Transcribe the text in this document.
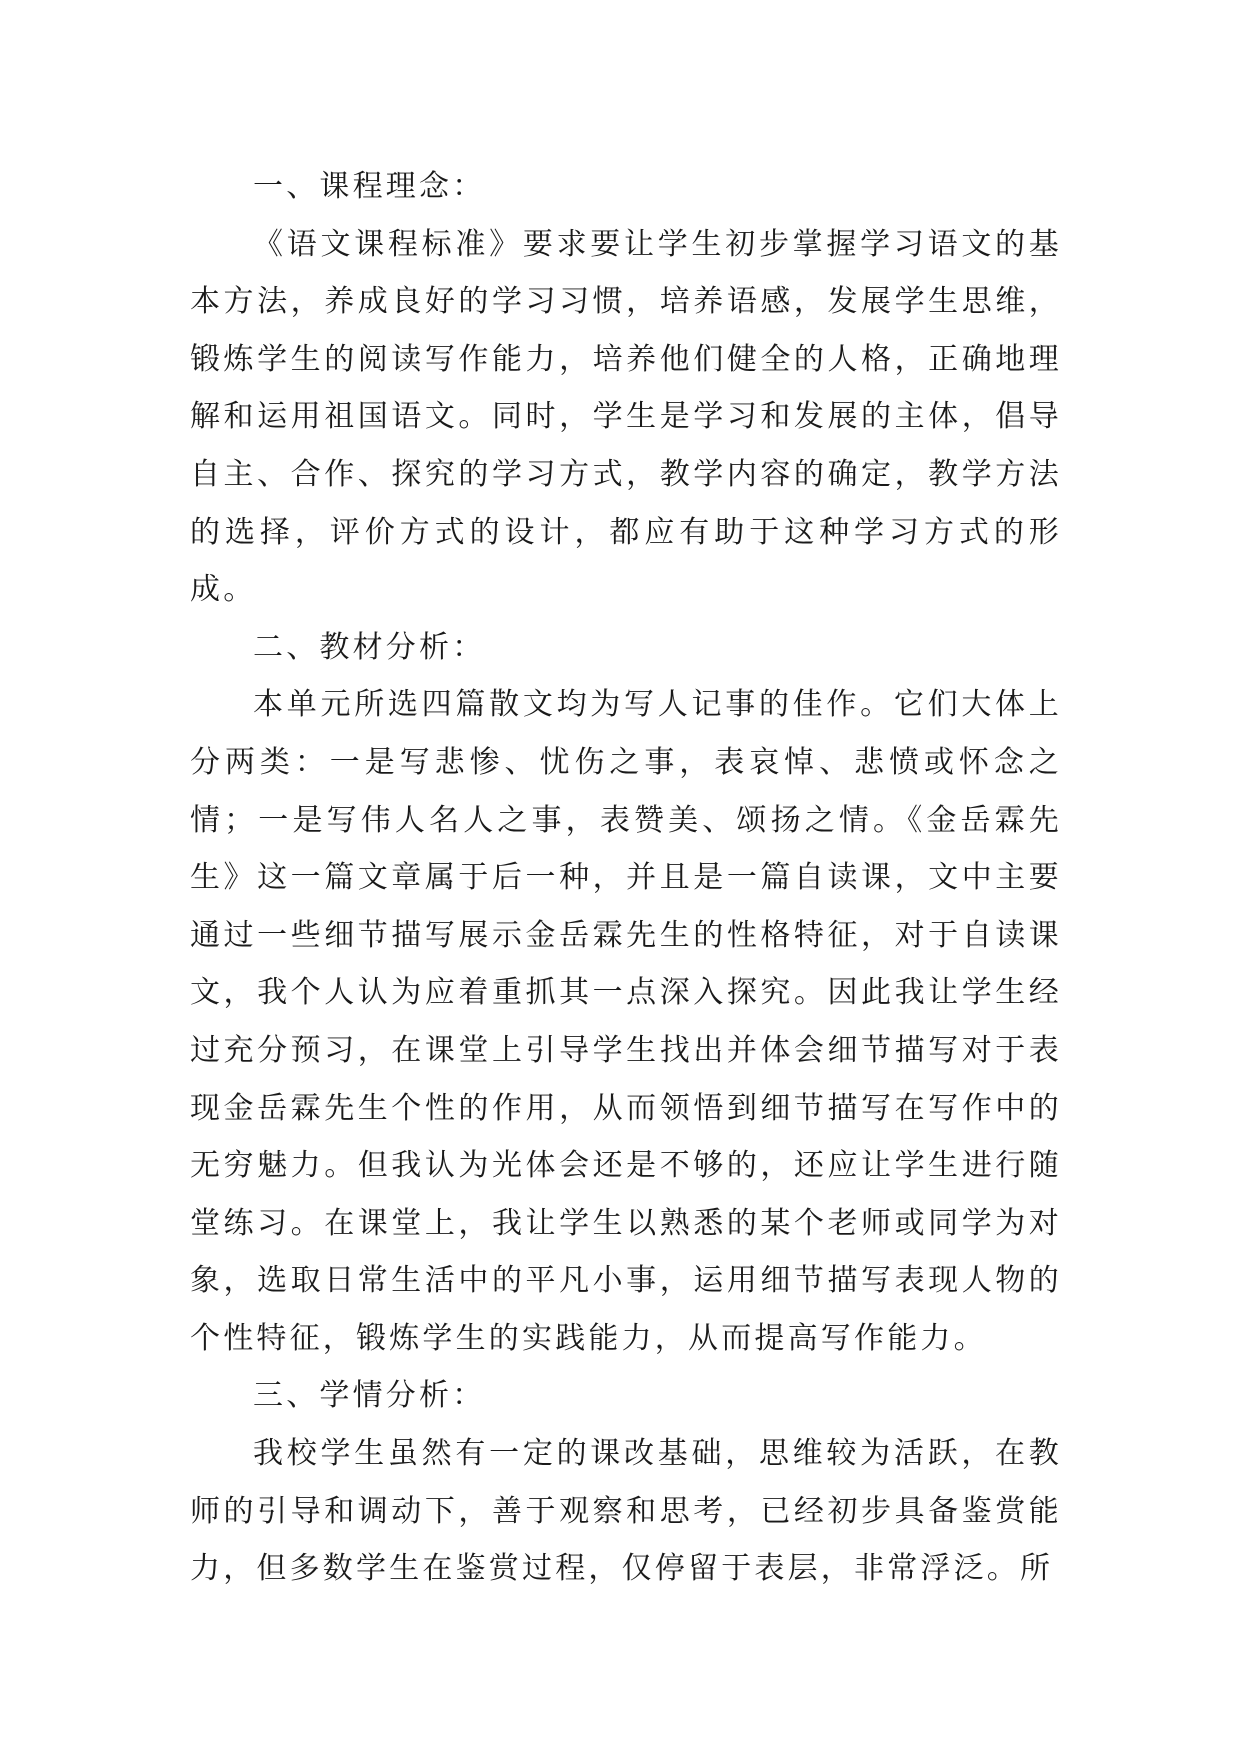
一、课程理念：

《语文课程标准》要求要让学生初步掌握学习语文的基本方法，养成良好的学习习惯，培养语感，发展学生思维，锻炼学生的阅读写作能力，培养他们健全的人格，正确地理解和运用祖国语文。同时，学生是学习和发展的主体，倡导自主、合作、探究的学习方式，教学内容的确定，教学方法的选择，评价方式的设计，都应有助于这种学习方式的形成。

二、教材分析：

本单元所选四篇散文均为写人记事的佳作。它们大体上分两类：一是写悲惨、忧伤之事，表哀悼、悲愤或怀念之情；一是写伟人名人之事，表赞美、颂扬之情。《金岳霖先生》这一篇文章属于后一种，并且是一篇自读课，文中主要通过一些细节描写展示金岳霖先生的性格特征，对于自读课文，我个人认为应着重抓其一点深入探究。因此我让学生经过充分预习，在课堂上引导学生找出并体会细节描写对于表现金岳霖先生个性的作用，从而领悟到细节描写在写作中的无穷魅力。但我认为光体会还是不够的，还应让学生进行随堂练习。在课堂上，我让学生以熟悉的某个老师或同学为对象，选取日常生活中的平凡小事，运用细节描写表现人物的个性特征，锻炼学生的实践能力，从而提高写作能力。

三、学情分析：

我校学生虽然有一定的课改基础，思维较为活跃，在教师的引导和调动下，善于观察和思考，已经初步具备鉴赏能力，但多数学生在鉴赏过程，仅停留于表层，非常浮泛。所
